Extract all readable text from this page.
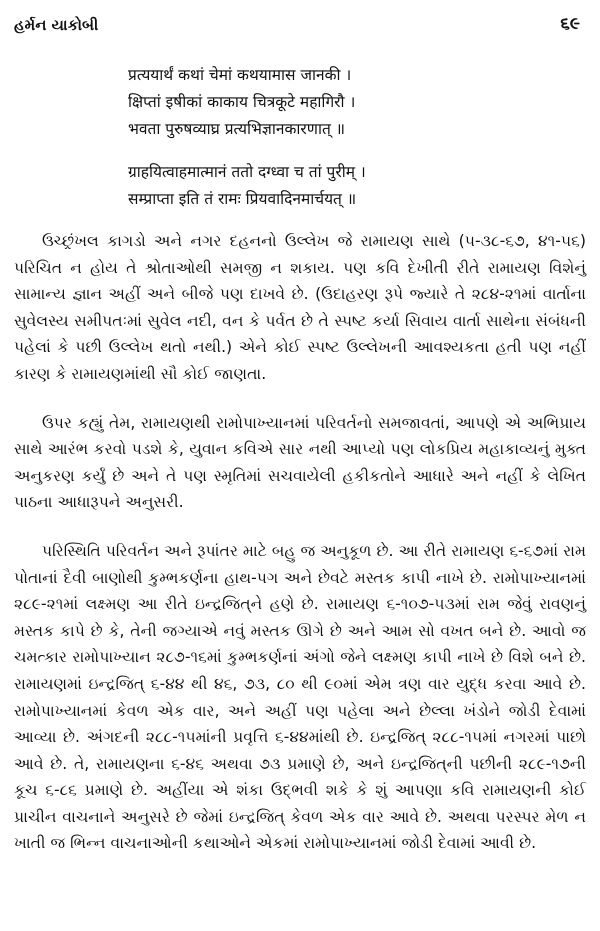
હર્મન યાકોબી	૬૯
प्रत्ययार्थं कथां चेमां कथयामास जानकी ।
क्षिप्तां इषीकां काकाय चित्रकूटे महागिरौ ।
भवता पुरुषव्याघ्र प्रत्यभिज्ञानकारणात् ॥
ग्राहयित्वाहमात्मानं ततो दग्ध्वा च तां पुरीम् ।
सम्प्राप्ता इति तं रामः प्रियवादिनमार्चयत् ॥

ઉચ્છ્રંખલ કાગડો અને નગર દહનનો ઉલ્લેખ જે રામાયણ સાથે (૫-૩૮-૬૭, ૪૧-૫૬) પરિચિત ન હોય તે શ્રોતાઓથી સમજી ન શકાય. પણ કવિ દેખીતી રીતે રામાયણ વિશેનું સામાન્ય જ્ઞાન અહીં અને બીજે પણ દાખવે છે. (ઉદાહરણ રૂપે જ્યારે તે ૨૮૪-૨૧માં વાર્તાના સુવેલસ્ય સમીપતઃમાં સુવેલ નદી, વન કે પર્વત છે તે સ્પષ્ટ કર્યા સિવાય વાર્તા સાથેના સંબંધની પહેલાં કે પછી ઉલ્લેખ થતો નથી.) એને કોઈ સ્પષ્ટ ઉલ્લેખની આવશ્યકતા હતી પણ નહીં કારણ કે રામાયણમાંથી સૌ કોઈ જાણતા.

ઉપર કહ્યું તેમ, રામાયણથી રામોપાખ્યાનમાં પરિવર્તનો સમજાવતાં, આપણે એ અભિપ્રાય સાથે આરંભ કરવો પડશે કે, યુવાન કવિએ સાર નથી આપ્યો પણ લોકપ્રિય મહાકાવ્યનું મુક્ત અનુકરણ કર્યું છે અને તે પણ સ્મૃતિમાં સચવાયેલી હકીકતોને આધારે અને નહીં કે લેખિત પાઠના આધારૂપને અનુસરી.

પરિસ્થિતિ પરિવર્તન અને રૂપાંતર માટે બહુ જ અનુકૂળ છે. આ રીતે રામાયણ ૬-૬૭માં રામ પોતાનાં દૈવી બાણોથી કુમ્ભકર્ણના હાથ-પગ અને છેવટે મસ્તક કાપી નાખે છે. રામોપાખ્યાનમાં ૨૮૯-૨૧માં લક્ષ્મણ આ રીતે ઇન્દ્રજિત્‌ને હણે છે. રામાયણ ૬-૧૦૭-૫૩માં રામ જેવું રાવણનું મસ્તક કાપે છે કે, તેની જગ્યાએ નવું મસ્તક ઊગે છે અને આમ સો વખત બને છે. આવો જ ચમત્કાર રામોપાખ્યાન ૨૮૭-૧૬માં કુમ્ભકર્ણનાં અંગો જેને લક્ષ્મણ કાપી નાખે છે વિશે બને છે. રામાયણમાં ઇન્દ્રજિત્ ૬-૪૪ થી ૪૬, ૭૩, ૮૦ થી ૯૦માં એમ ત્રણ વાર યુદ્ધ કરવા આવે છે. રામોપાખ્યાનમાં કેવળ એક વાર, અને અહીં પણ પહેલા અને છેલ્લા ખંડોને જોડી દેવામાં આવ્યા છે. અંગદની ૨૮૮-૧૫માંની પ્રવૃત્તિ ૬-૪૪માંથી છે. ઇન્દ્રજિત્ ૨૮૮-૧૫માં નગરમાં પાછો આવે છે. તે, રામાયણના ૬-૪૬ અથવા ૭૩ પ્રમાણે છે, અને ઇન્દ્રજિત્‌ની પછીની ૨૮૯-૧૭ની કૂચ ૬-૮૬ પ્રમાણે છે. અહીંયા એ શંકા ઉદ્ભવી શકે કે શું આપણા કવિ રામાયણની કોઈ પ્રાચીન વાચનાને અનુસરે છે જેમાં ઇન્દ્રજિત્ કેવળ એક વાર આવે છે. અથવા પરસ્પર મેળ ન ખાતી જ ભિન્ન વાચનાઓની કથાઓને એકમાં રામોપાખ્યાનમાં જોડી દેવામાં આવી છે.
